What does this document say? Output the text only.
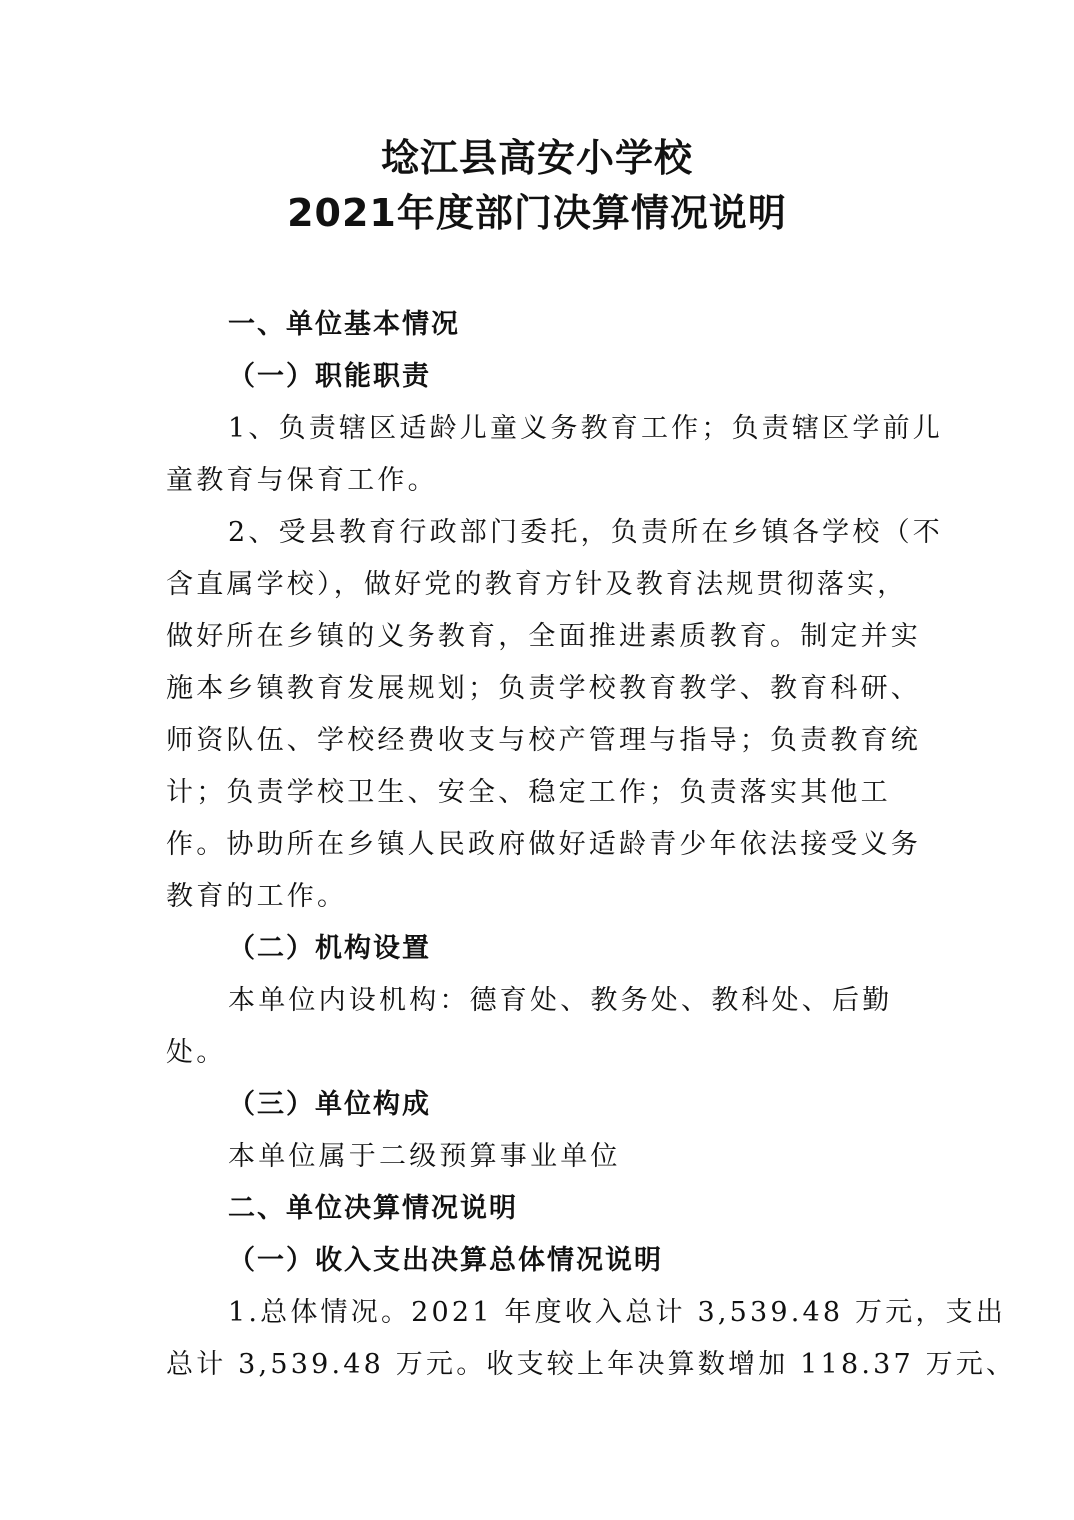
埝江县高安小学校
2021年度部门决算情况说明

一、单位基本情况

（一）职能职责

1、负责辖区适龄儿童义务教育工作；负责辖区学前儿

童教育与保育工作。

2、受县教育行政部门委托，负责所在乡镇各学校（不

含直属学校），做好党的教育方针及教育法规贯彻落实，

做好所在乡镇的义务教育，全面推进素质教育。制定并实

施本乡镇教育发展规划；负责学校教育教学、教育科研、

师资队伍、学校经费收支与校产管理与指导；负责教育统

计；负责学校卫生、安全、稳定工作；负责落实其他工

作。协助所在乡镇人民政府做好适龄青少年依法接受义务

教育的工作。

（二）机构设置

本单位内设机构：德育处、教务处、教科处、后勤

处。

（三）单位构成

本单位属于二级预算事业单位

二、单位决算情况说明

（一）收入支出决算总体情况说明

1.总体情况。2021 年度收入总计 3,539.48 万元，支出

总计 3,539.48 万元。收支较上年决算数增加 118.37 万元、
